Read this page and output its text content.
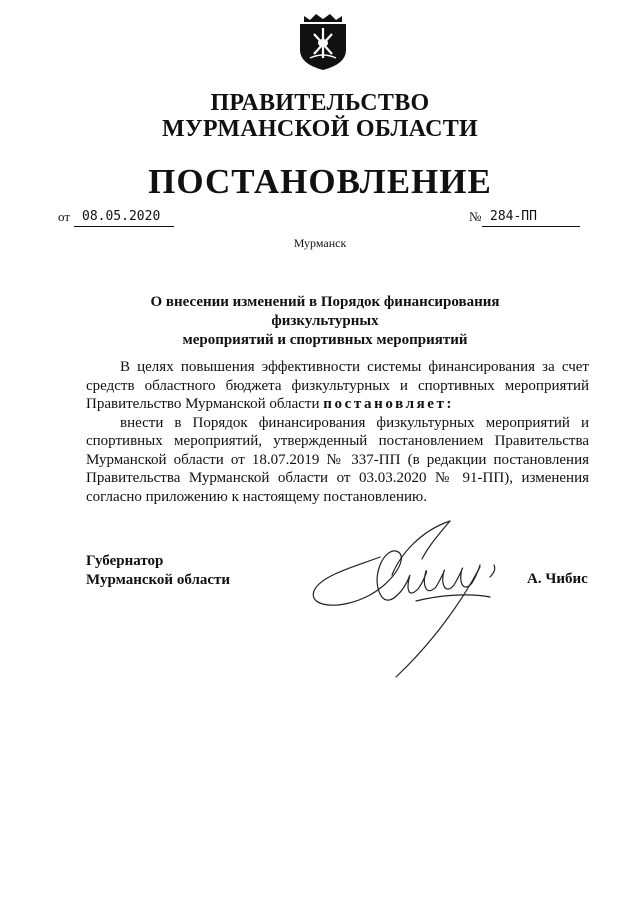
ПРАВИТЕЛЬСТВО
МУРМАНСКОЙ ОБЛАСТИ
ПОСТАНОВЛЕНИЕ
от 08.05.2020	№ 284-ПП
Мурманск
О внесении изменений в Порядок финансирования физкультурных
мероприятий и спортивных мероприятий

В целях повышения эффективности системы финансирования за счет средств областного бюджета физкультурных и спортивных мероприятий Правительство Мурманской области постановляет:

внести в Порядок финансирования физкультурных мероприятий и спортивных мероприятий, утвержденный постановлением Правительства Мурманской области от 18.07.2019 № 337-ПП (в редакции постановления Правительства Мурманской области от 03.03.2020 № 91-ПП), изменения согласно приложению к настоящему постановлению.

Губернатор
Мурманской области	А. Чибис
